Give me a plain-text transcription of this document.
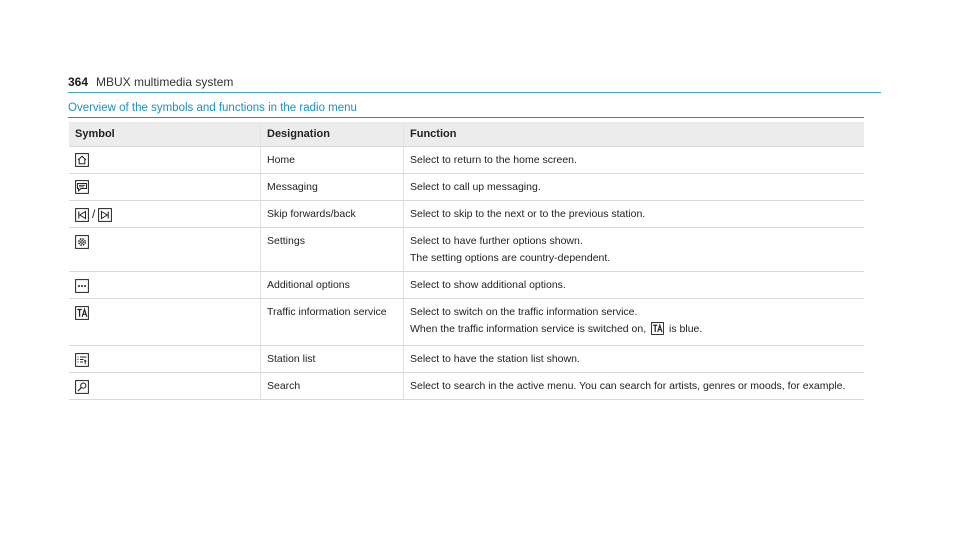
364 MBUX multimedia system
Overview of the symbols and functions in the radio menu
Symbol	Designation	Function

	Home	Select to return to the home screen.

	Messaging	Select to call up messaging.

/	Skip forwards/back	Select to skip to the next or to the previous station.

	Settings	Select to have further options shown.
The setting options are country-dependent.

	Additional options	Select to show additional options.

	Traffic information service	Select to switch on the traffic information service.
When the traffic information service is switched on, is blue.

	Station list	Select to have the station list shown.

	Search	Select to search in the active menu. You can search for artists, genres or moods, for example.
